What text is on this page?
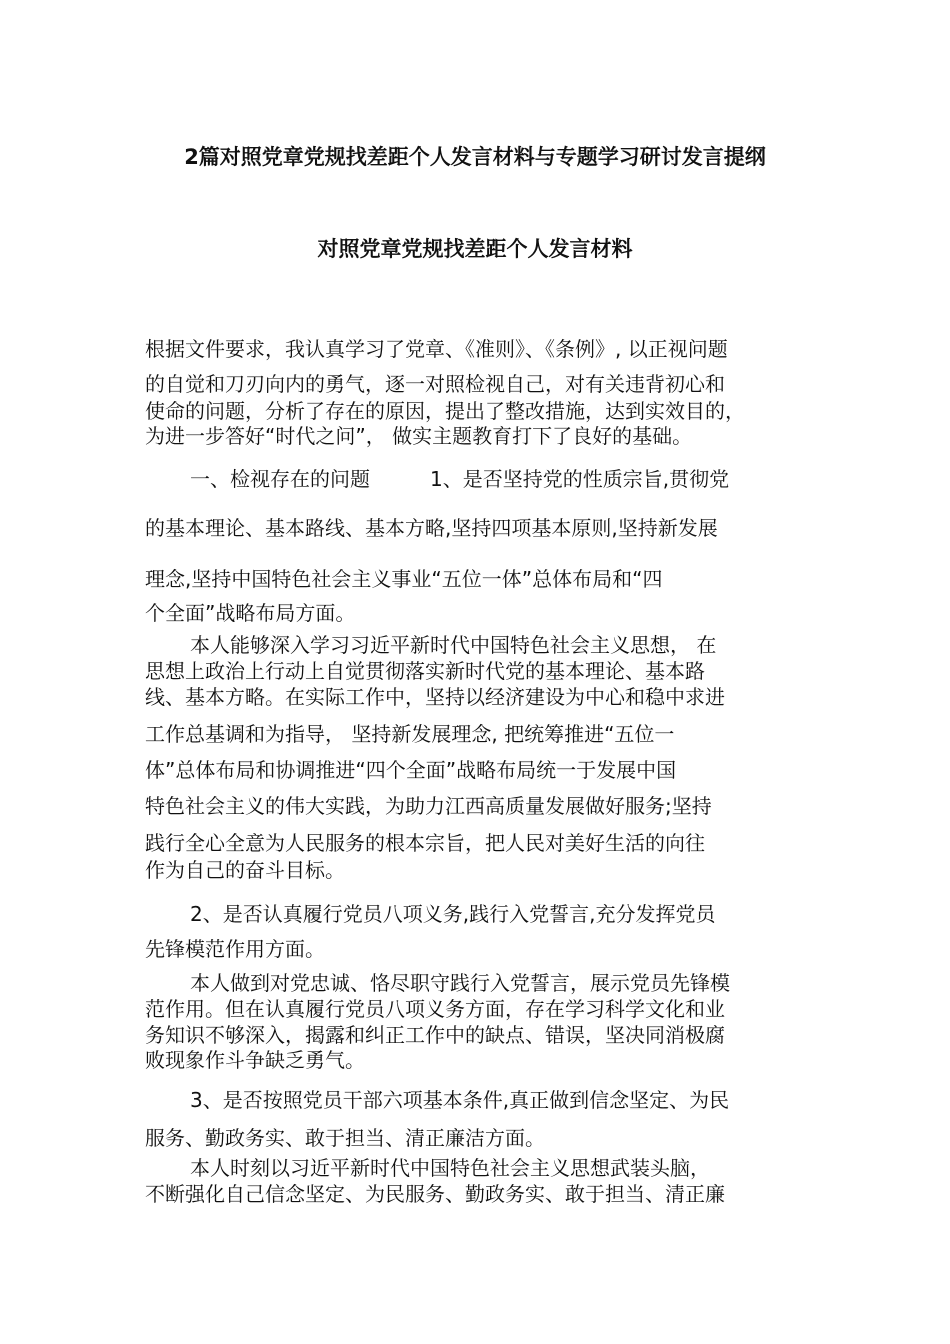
2篇对照党章党规找差距个人发言材料与专题学习研讨发言提纲
对照党章党规找差距个人发言材料

根据文件要求，我认真学习了党章、《准则》、《条例》, 以正视问题

的自觉和刀刃向内的勇气，逐一对照检视自己，对有关违背初心和

使命的问题，分析了存在的原因，提出了整改措施，达到实效目的，

为进一步答好“时代之问”， 做实主题教育打下了良好的基础。

一、检视存在的问题　　　1、是否坚持党的性质宗旨,贯彻党

的基本理论、基本路线、基本方略,坚持四项基本原则,坚持新发展

理念,坚持中国特色社会主义事业“五位一体”总体布局和“四

个全面”战略布局方面。

本人能够深入学习习近平新时代中国特色社会主义思想， 在

思想上政治上行动上自觉贯彻落实新时代党的基本理论、基本路

线、基本方略。在实际工作中，坚持以经济建设为中心和稳中求进

工作总基调和为指导， 坚持新发展理念, 把统筹推进“五位一

体”总体布局和协调推进“四个全面”战略布局统一于发展中国

特色社会主义的伟大实践，为助力江西高质量发展做好服务;坚持

践行全心全意为人民服务的根本宗旨，把人民对美好生活的向往

作为自己的奋斗目标。

2、是否认真履行党员八项义务,践行入党誓言,充分发挥党员

先锋模范作用方面。

本人做到对党忠诚、恪尽职守践行入党誓言，展示党员先锋模

范作用。但在认真履行党员八项义务方面，存在学习科学文化和业

务知识不够深入，揭露和纠正工作中的缺点、错误，坚决同消极腐

败现象作斗争缺乏勇气。

3、是否按照党员干部六项基本条件,真正做到信念坚定、为民

服务、勤政务实、敢于担当、清正廉洁方面。

本人时刻以习近平新时代中国特色社会主义思想武装头脑，

不断强化自己信念坚定、为民服务、勤政务实、敢于担当、清正廉
